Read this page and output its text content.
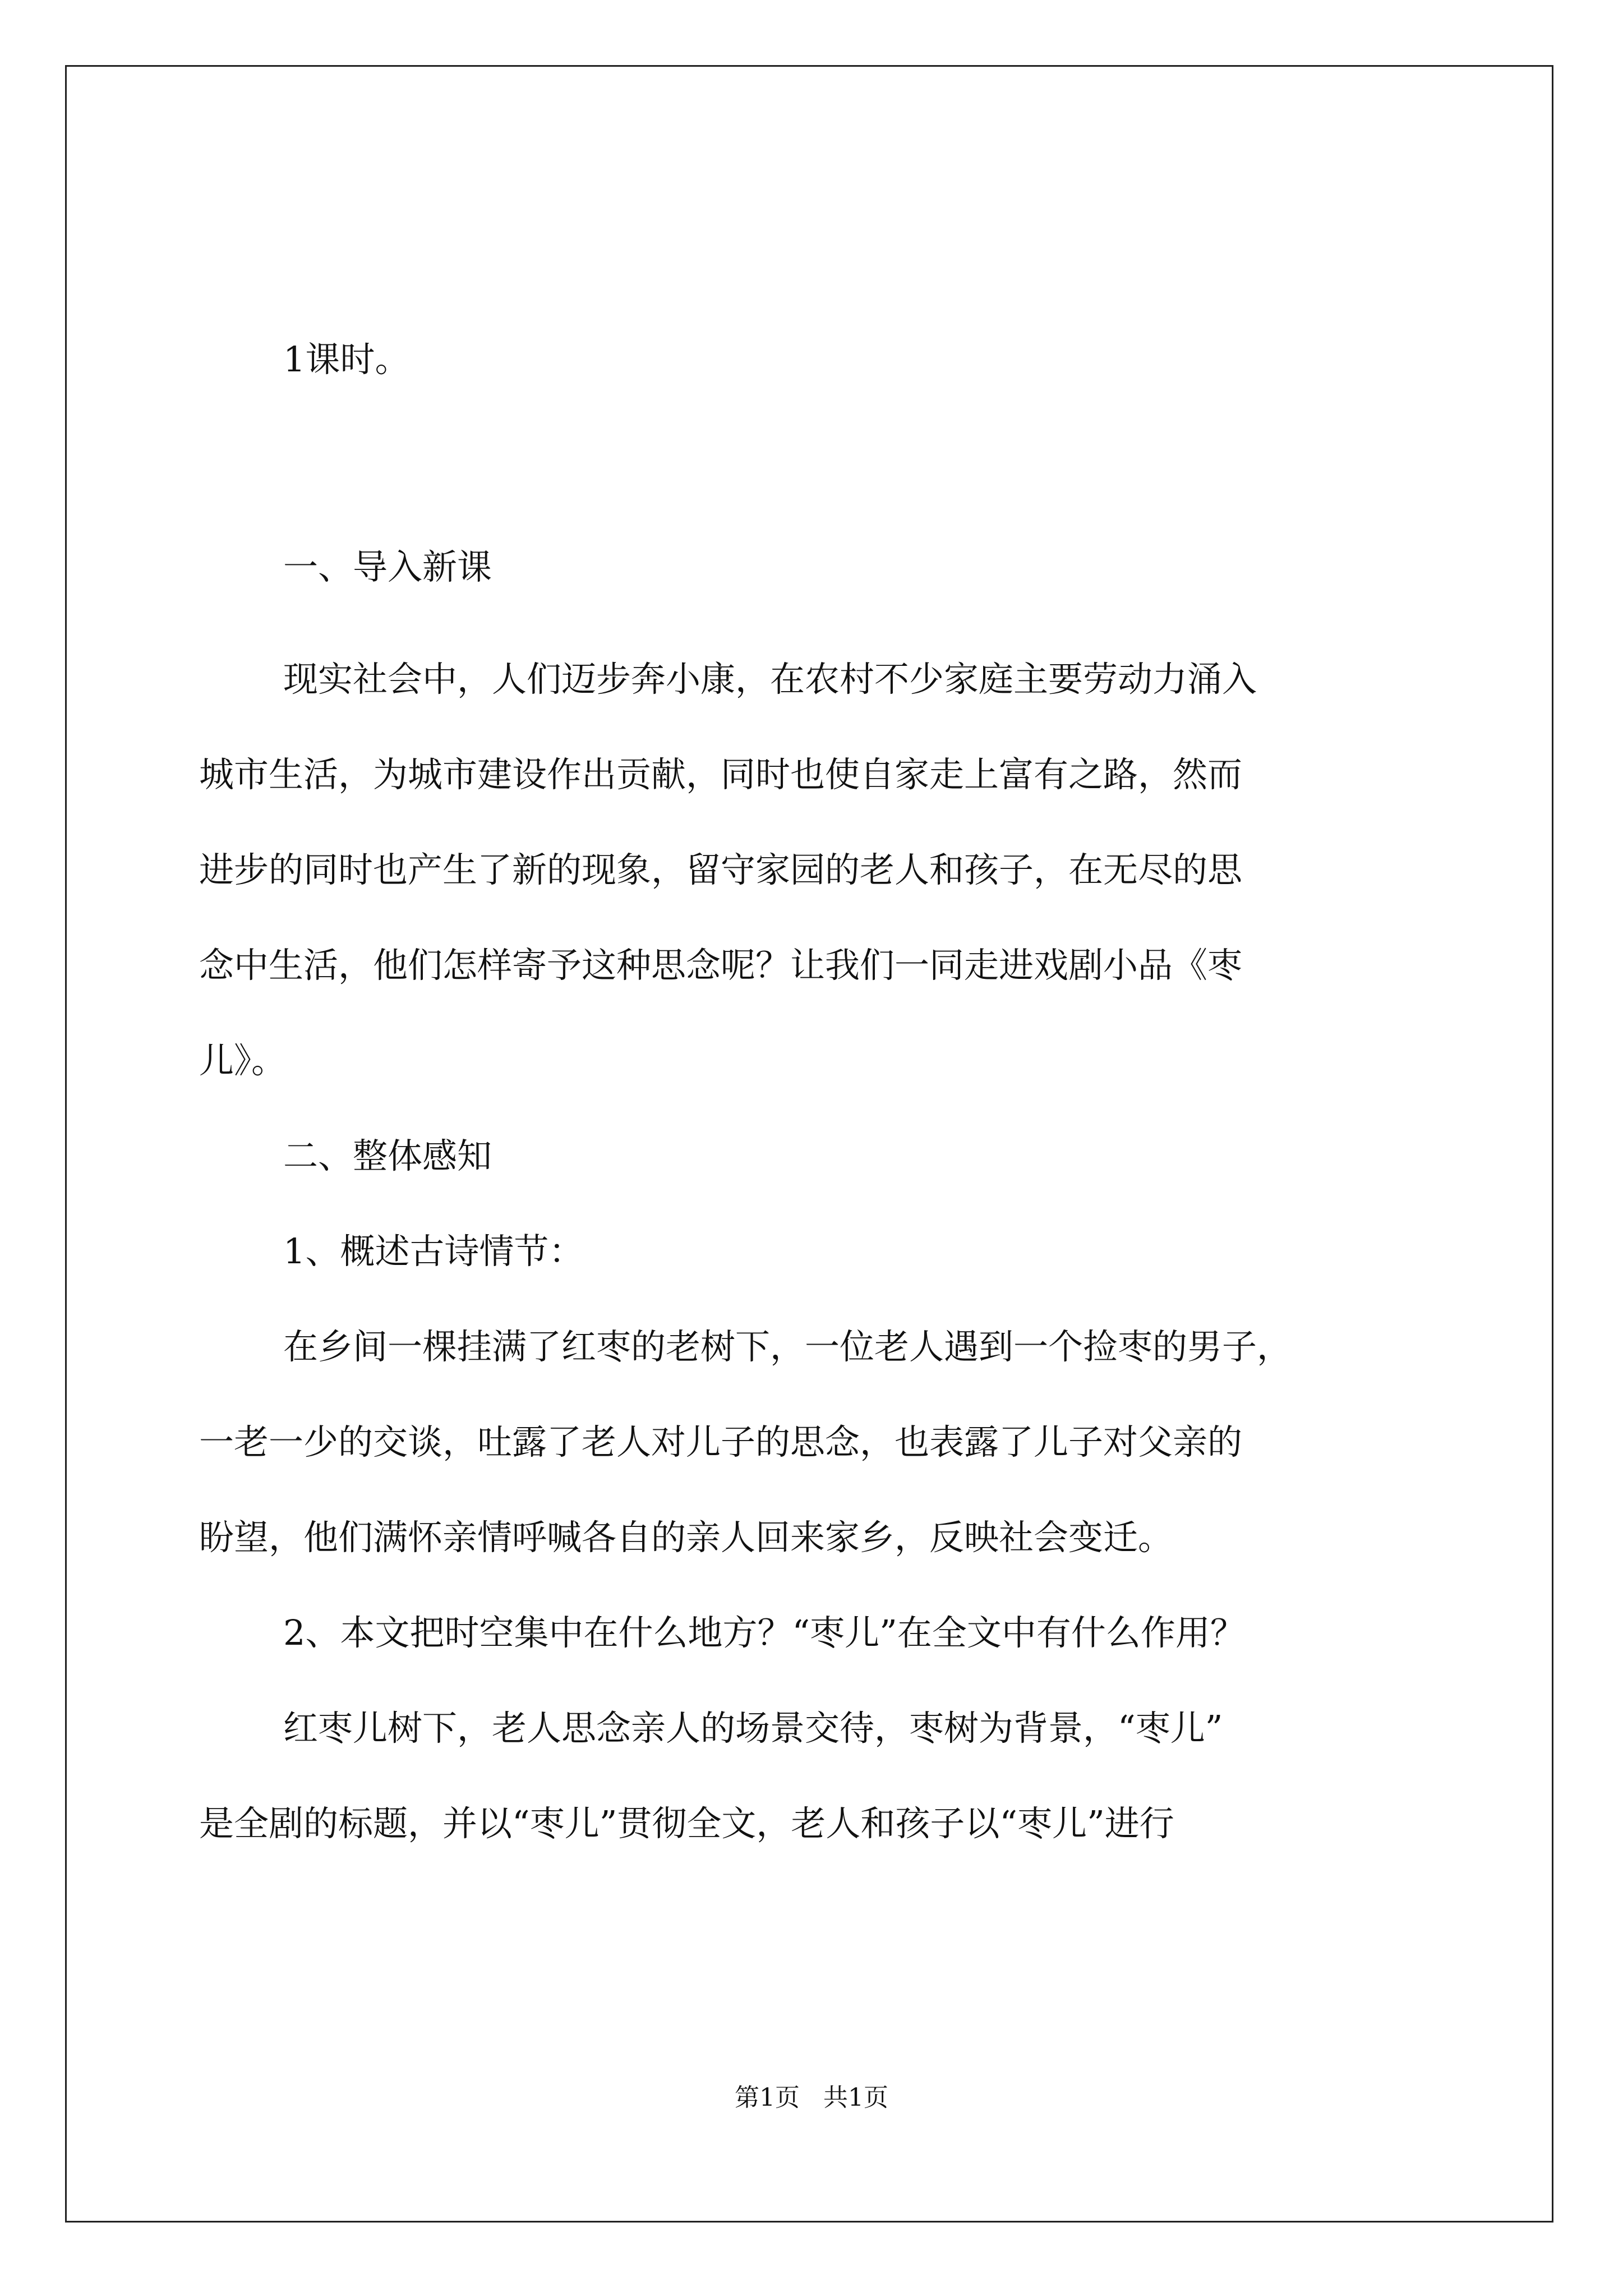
1课时。
一、导入新课
现实社会中，人们迈步奔小康，在农村不少家庭主要劳动力涌入
城市生活，为城市建设作出贡献，同时也使自家走上富有之路，然而
进步的同时也产生了新的现象，留守家园的老人和孩子，在无尽的思
念中生活，他们怎样寄予这种思念呢？让我们一同走进戏剧小品《枣
儿》。
二、整体感知
1、概述古诗情节：
在乡间一棵挂满了红枣的老树下，一位老人遇到一个捡枣的男子，
一老一少的交谈，吐露了老人对儿子的思念，也表露了儿子对父亲的
盼望，他们满怀亲情呼喊各自的亲人回来家乡，反映社会变迁。
2、本文把时空集中在什么地方？“枣儿”在全文中有什么作用？
红枣儿树下，老人思念亲人的场景交待，枣树为背景，“枣儿”
是全剧的标题，并以“枣儿”贯彻全文，老人和孩子以“枣儿”进行
第1页 共1页
